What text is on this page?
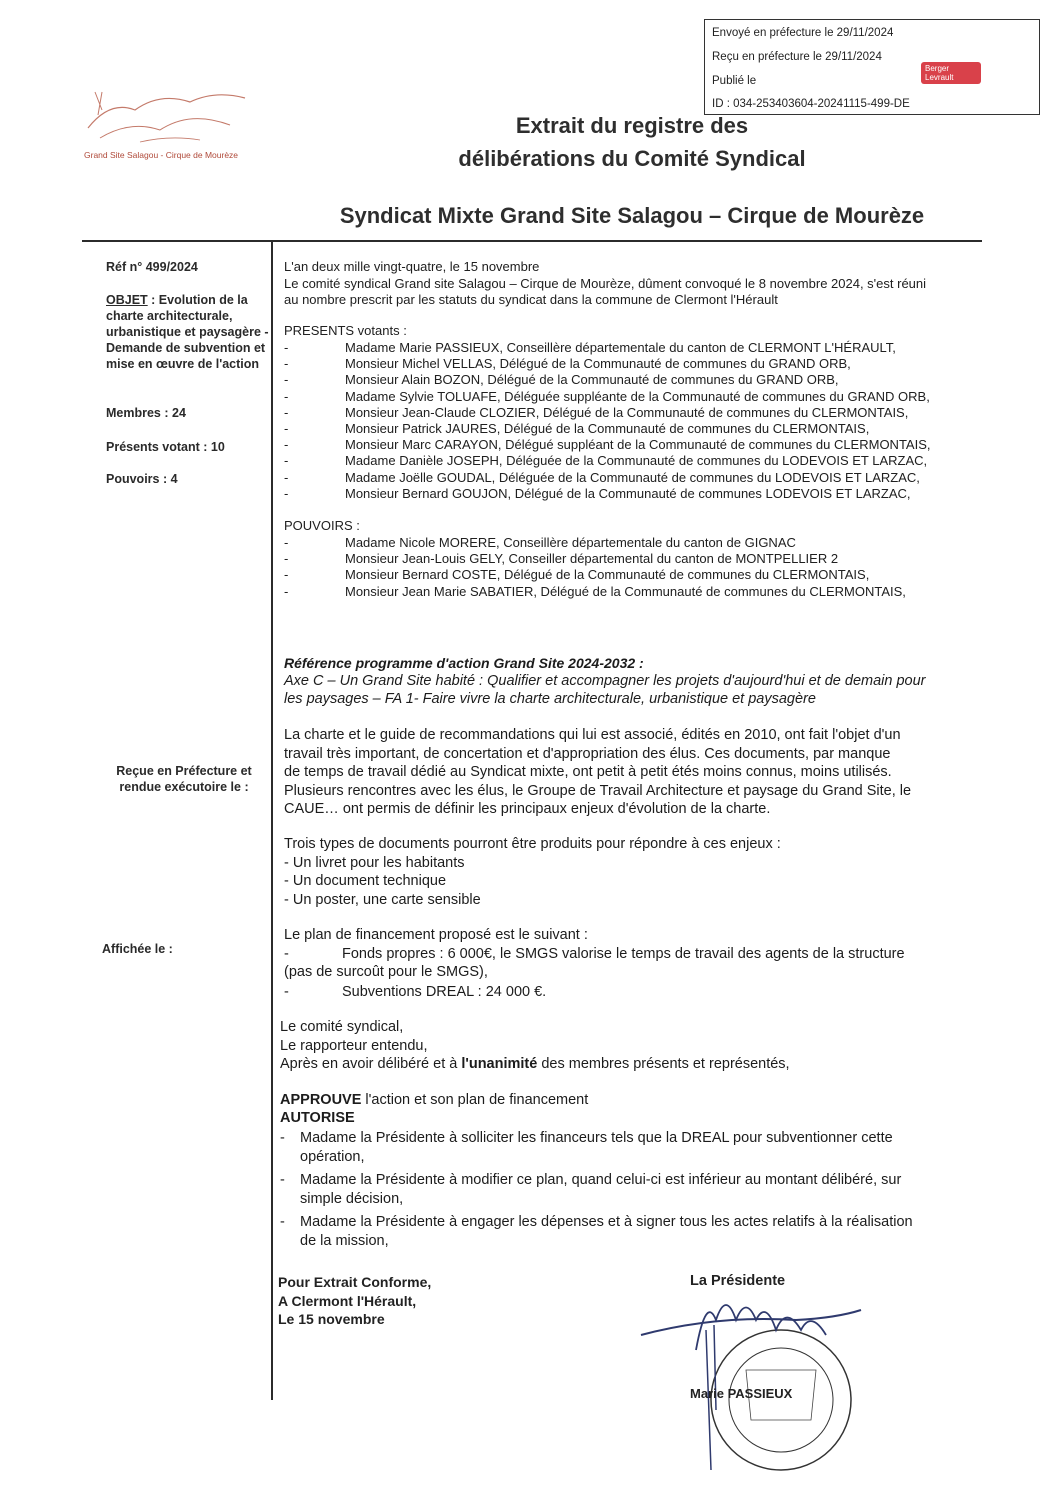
Envoyé en préfecture le 29/11/2024
Reçu en préfecture le 29/11/2024
Publié le
ID : 034-253403604-20241115-499-DE
Berger
Levrault
Grand Site Salagou - Cirque de Mourèze
Extrait du registre des
délibérations du Comité Syndical
Syndicat Mixte Grand Site Salagou – Cirque de Mourèze
Réf n° 499/2024
OBJET : Evolution de la charte architecturale, urbanistique et paysagère - Demande de subvention et mise en œuvre de l'action
Membres : 24
Présents votant : 10
Pouvoirs : 4
Reçue en Préfecture et rendue exécutoire le :
Affichée le :
L'an deux mille vingt-quatre, le 15 novembre
Le comité syndical Grand site Salagou – Cirque de Mourèze, dûment convoqué le 8 novembre 2024, s'est réuni
au nombre prescrit par les statuts du syndicat dans la commune de Clermont l'Hérault
PRESENTS votants :
-	Madame Marie PASSIEUX, Conseillère départementale du canton de CLERMONT L'HÉRAULT,
-	Monsieur Michel VELLAS, Délégué de la Communauté de communes du GRAND ORB,
-	Monsieur Alain BOZON, Délégué de la Communauté de communes du GRAND ORB,
-	Madame Sylvie TOLUAFE, Déléguée suppléante de la Communauté de communes du GRAND ORB,
-	Monsieur Jean-Claude CLOZIER, Délégué de la Communauté de communes du CLERMONTAIS,
-	Monsieur Patrick JAURES, Délégué de la Communauté de communes du CLERMONTAIS,
-	Monsieur Marc CARAYON, Délégué suppléant de la Communauté de communes du CLERMONTAIS,
-	Madame Danièle JOSEPH, Déléguée de la Communauté de communes du LODEVOIS ET LARZAC,
-	Madame Joëlle GOUDAL, Déléguée de la Communauté de communes du LODEVOIS ET LARZAC,
-	Monsieur Bernard GOUJON, Délégué de la Communauté de communes LODEVOIS ET LARZAC,
POUVOIRS :
-	Madame Nicole MORERE, Conseillère départementale du canton de GIGNAC
-	Monsieur Jean-Louis GELY, Conseiller départemental du canton de MONTPELLIER 2
-	Monsieur Bernard COSTE, Délégué de la Communauté de communes du CLERMONTAIS,
-	Monsieur Jean Marie SABATIER, Délégué de la Communauté de communes du CLERMONTAIS,
Référence programme d'action Grand Site 2024-2032 :
Axe C – Un Grand Site habité : Qualifier et accompagner les projets d'aujourd'hui et de demain pour
les paysages – FA 1- Faire vivre la charte architecturale, urbanistique et paysagère
La charte et le guide de recommandations qui lui est associé, édités en 2010, ont fait l'objet d'un
travail très important, de concertation et d'appropriation des élus. Ces documents, par manque
de temps de travail dédié au Syndicat mixte, ont petit à petit étés moins connus, moins utilisés.
Plusieurs rencontres avec les élus, le Groupe de Travail Architecture et paysage du Grand Site, le
CAUE… ont permis de définir les principaux enjeux d'évolution de la charte.
Trois types de documents pourront être produits pour répondre à ces enjeux :
- Un livret pour les habitants
- Un document technique
- Un poster, une carte sensible
Le plan de financement proposé est le suivant :
-	Fonds propres : 6 000€, le SMGS valorise le temps de travail des agents de la structure
(pas de surcoût pour le SMGS),
-	Subventions DREAL : 24 000 €.
Le comité syndical,
Le rapporteur entendu,
Après en avoir délibéré et à l'unanimité des membres présents et représentés,
APPROUVE l'action et son plan de financement
AUTORISE
- Madame la Présidente à solliciter les financeurs tels que la DREAL pour subventionner cette
opération,
- Madame la Présidente à modifier ce plan, quand celui-ci est inférieur au montant délibéré, sur
simple décision,
- Madame la Présidente à engager les dépenses et à signer tous les actes relatifs à la réalisation
de la mission,
Pour Extrait Conforme,
A Clermont l'Hérault,
Le 15 novembre
La Présidente
Marie PASSIEUX
